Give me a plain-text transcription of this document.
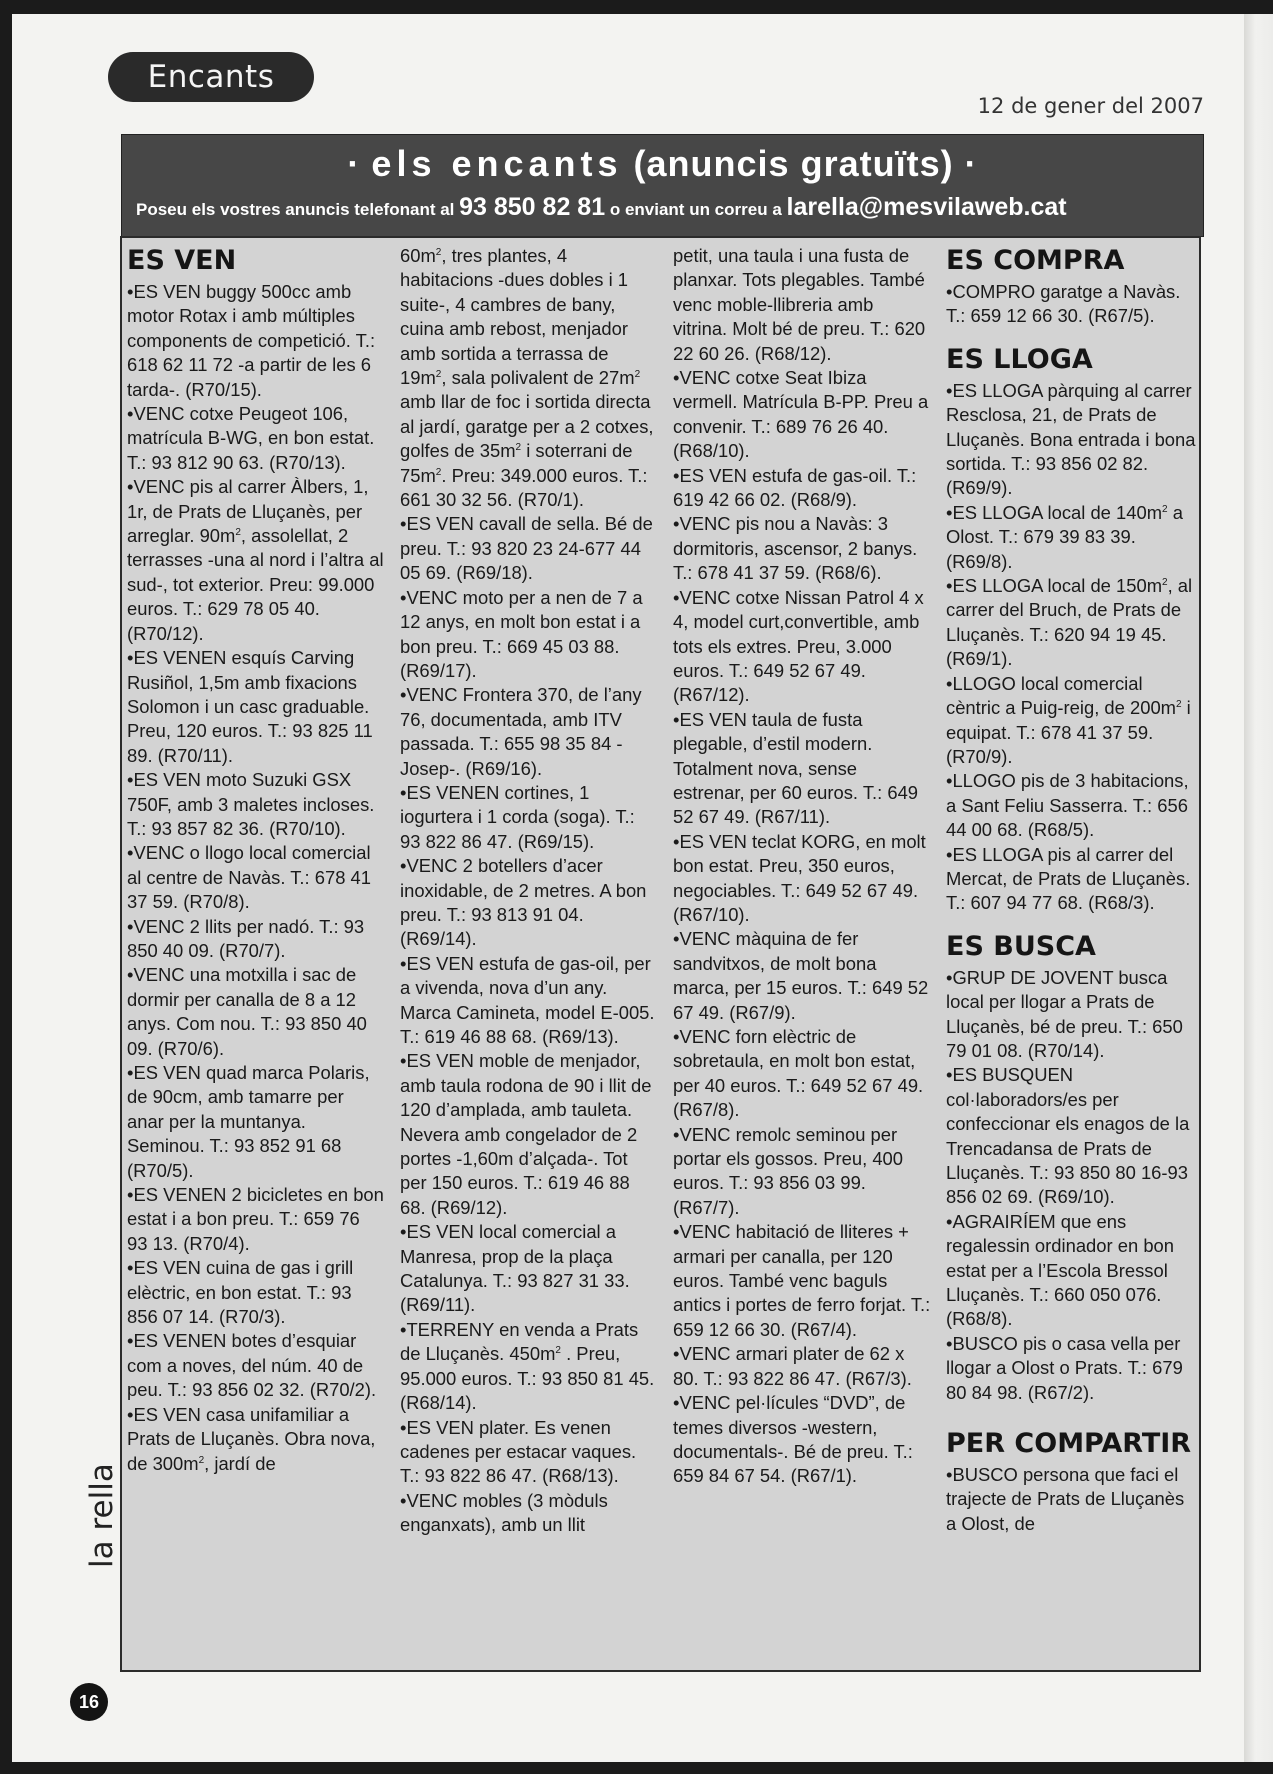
Encants
12 de gener del 2007
· els encants (anuncis gratuïts) ·
Poseu els vostres anuncis telefonant al 93 850 82 81 o enviant un correu a larella@mesvilaweb.cat
ES VEN

•ES VEN buggy 500cc amb motor Rotax i amb múltiples components de competició. T.: 618 62 11 72 -a partir de les 6 tarda-. (R70/15).

•VENC cotxe Peugeot 106, matrícula B-WG, en bon estat. T.: 93 812 90 63. (R70/13).

•VENC pis al carrer Àlbers, 1, 1r, de Prats de Lluçanès, per arreglar. $90m^2$, assolellat, 2 terrasses -una al nord i l’altra al sud-, tot exterior. Preu: 99.000 euros. T.: 629 78 05 40. (R70/12).

•ES VENEN esquís Carving Rusiñol, 1,5m amb fixacions Solomon i un casc graduable. Preu, 120 euros. T.: 93 825 11 89. (R70/11).

•ES VEN moto Suzuki GSX 750F, amb 3 maletes incloses. T.: 93 857 82 36. (R70/10).

•VENC o llogo local comercial al centre de Navàs. T.: 678 41 37 59. (R70/8).

•VENC 2 llits per nadó. T.: 93 850 40 09. (R70/7).

•VENC una motxilla i sac de dormir per canalla de 8 a 12 anys. Com nou. T.: 93 850 40 09. (R70/6).

•ES VEN quad marca Polaris, de 90cm, amb tamarre per anar per la muntanya. Seminou. T.: 93 852 91 68 (R70/5).

•ES VENEN 2 bicicletes en bon estat i a bon preu. T.: 659 76 93 13. (R70/4).

•ES VEN cuina de gas i grill elèctric, en bon estat. T.: 93 856 07 14. (R70/3).

•ES VENEN botes d’esquiar com a noves, del núm. 40 de peu. T.: 93 856 02 32. (R70/2).

•ES VEN casa unifamiliar a Prats de Lluçanès. Obra nova, de $300m^2$, jardí de

$60m^2$, tres plantes, 4 habitacions -dues dobles i 1 suite-, 4 cambres de bany, cuina amb rebost, menjador amb sortida a terrassa de $19m^2$, sala polivalent de $27m^2$ amb llar de foc i sortida directa al jardí, garatge per a 2 cotxes, golfes de $35m^2$ i soterrani de $75m^2$. Preu: 349.000 euros. T.: 661 30 32 56. (R70/1).

•ES VEN cavall de sella. Bé de preu. T.: 93 820 23 24-677 44 05 69. (R69/18).

•VENC moto per a nen de 7 a 12 anys, en molt bon estat i a bon preu. T.: 669 45 03 88. (R69/17).

•VENC Frontera 370, de l’any 76, documentada, amb ITV passada. T.: 655 98 35 84 -Josep-. (R69/16).

•ES VENEN cortines, 1 iogurtera i 1 corda (soga). T.: 93 822 86 47. (R69/15).

•VENC 2 botellers d’acer inoxidable, de 2 metres. A bon preu. T.: 93 813 91 04. (R69/14).

•ES VEN estufa de gas-oil, per a vivenda, nova d’un any. Marca Camineta, model E-005. T.: 619 46 88 68. (R69/13).

•ES VEN moble de menjador, amb taula rodona de 90 i llit de 120 d’amplada, amb tauleta. Nevera amb congelador de 2 portes -1,60m d’alçada-. Tot per 150 euros. T.: 619 46 88 68. (R69/12).

•ES VEN local comercial a Manresa, prop de la plaça Catalunya. T.: 93 827 31 33. (R69/11).

•TERRENY en venda a Prats de Lluçanès. $450m^2$ . Preu, 95.000 euros. T.: 93 850 81 45. (R68/14).

•ES VEN plater. Es venen cadenes per estacar vaques. T.: 93 822 86 47. (R68/13).

•VENC mobles (3 mòduls enganxats), amb un llit

petit, una taula i una fusta de planxar. Tots plegables. També venc moble-llibreria amb vitrina. Molt bé de preu. T.: 620 22 60 26. (R68/12).

•VENC cotxe Seat Ibiza vermell. Matrícula B-PP. Preu a convenir. T.: 689 76 26 40. (R68/10).

•ES VEN estufa de gas-oil. T.: 619 42 66 02. (R68/9).

•VENC pis nou a Navàs: 3 dormitoris, ascensor, 2 banys. T.: 678 41 37 59. (R68/6).

•VENC cotxe Nissan Patrol 4 x 4, model curt,convertible, amb tots els extres. Preu, 3.000 euros. T.: 649 52 67 49. (R67/12).

•ES VEN taula de fusta plegable, d’estil modern. Totalment nova, sense estrenar, per 60 euros. T.: 649 52 67 49. (R67/11).

•ES VEN teclat KORG, en molt bon estat. Preu, 350 euros, negociables. T.: 649 52 67 49. (R67/10).

•VENC màquina de fer sandvitxos, de molt bona marca, per 15 euros. T.: 649 52 67 49. (R67/9).

•VENC forn elèctric de sobretaula, en molt bon estat, per 40 euros. T.: 649 52 67 49. (R67/8).

•VENC remolc seminou per portar els gossos. Preu, 400 euros. T.: 93 856 03 99. (R67/7).

•VENC habitació de lliteres + armari per canalla, per 120 euros. També venc baguls antics i portes de ferro forjat. T.: 659 12 66 30. (R67/4).

•VENC armari plater de 62 x 80. T.: 93 822 86 47. (R67/3).

•VENC pel·lícules “DVD”, de temes diversos -western, documentals-. Bé de preu. T.: 659 84 67 54. (R67/1).

ES COMPRA

•COMPRO garatge a Navàs. T.: 659 12 66 30. (R67/5).

ES LLOGA

•ES LLOGA pàrquing al carrer Resclosa, 21, de Prats de Lluçanès. Bona entrada i bona sortida. T.: 93 856 02 82. (R69/9).

•ES LLOGA local de $140m^2$ a Olost. T.: 679 39 83 39. (R69/8).

•ES LLOGA local de $150m^2$, al carrer del Bruch, de Prats de Lluçanès. T.: 620 94 19 45. (R69/1).

•LLOGO local comercial cèntric a Puig-reig, de $200m^2$ i equipat. T.: 678 41 37 59. (R70/9).

•LLOGO pis de 3 habitacions, a Sant Feliu Sasserra. T.: 656 44 00 68. (R68/5).

•ES LLOGA pis al carrer del Mercat, de Prats de Lluçanès. T.: 607 94 77 68. (R68/3).

ES BUSCA

•GRUP DE JOVENT busca local per llogar a Prats de Lluçanès, bé de preu. T.: 650 79 01 08. (R70/14).

•ES BUSQUEN col·laboradors/es per confeccionar els enagos de la Trencadansa de Prats de Lluçanès. T.: 93 850 80 16-93 856 02 69. (R69/10).

•AGRAIRÍEM que ens regalessin ordinador en bon estat per a l’Escola Bressol Lluçanès. T.: 660 050 076. (R68/8).

•BUSCO pis o casa vella per llogar a Olost o Prats. T.: 679 80 84 98. (R67/2).

PER COMPARTIR

•BUSCO persona que faci el trajecte de Prats de Lluçanès a Olost, de

la rella
16
